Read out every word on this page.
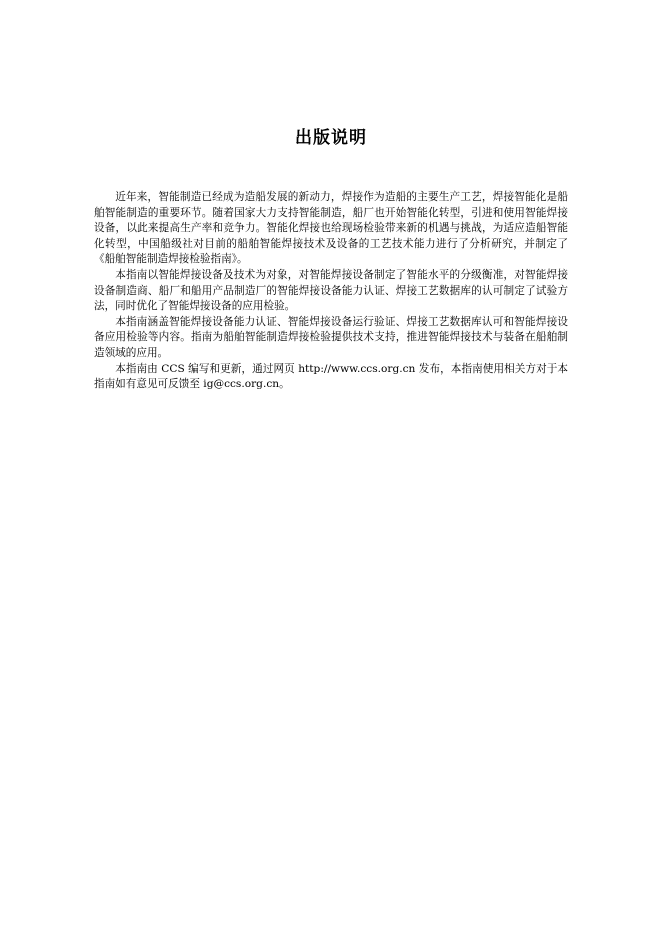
出版说明

近年来，智能制造已经成为造船发展的新动力，焊接作为造船的主要生产工艺，焊接智能化是船舶智能制造的重要环节。随着国家大力支持智能制造，船厂也开始智能化转型，引进和使用智能焊接设备，以此来提高生产率和竞争力。智能化焊接也给现场检验带来新的机遇与挑战，为适应造船智能化转型，中国船级社对目前的船舶智能焊接技术及设备的工艺技术能力进行了分析研究，并制定了《船舶智能制造焊接检验指南》。

本指南以智能焊接设备及技术为对象，对智能焊接设备制定了智能水平的分级衡准，对智能焊接设备制造商、船厂和船用产品制造厂的智能焊接设备能力认证、焊接工艺数据库的认可制定了试验方法，同时优化了智能焊接设备的应用检验。

本指南涵盖智能焊接设备能力认证、智能焊接设备运行验证、焊接工艺数据库认可和智能焊接设备应用检验等内容。指南为船舶智能制造焊接检验提供技术支持，推进智能焊接技术与装备在船舶制造领域的应用。

本指南由 CCS 编写和更新，通过网页 http://www.ccs.org.cn 发布，本指南使用相关方对于本指南如有意见可反馈至 ig@ccs.org.cn。
